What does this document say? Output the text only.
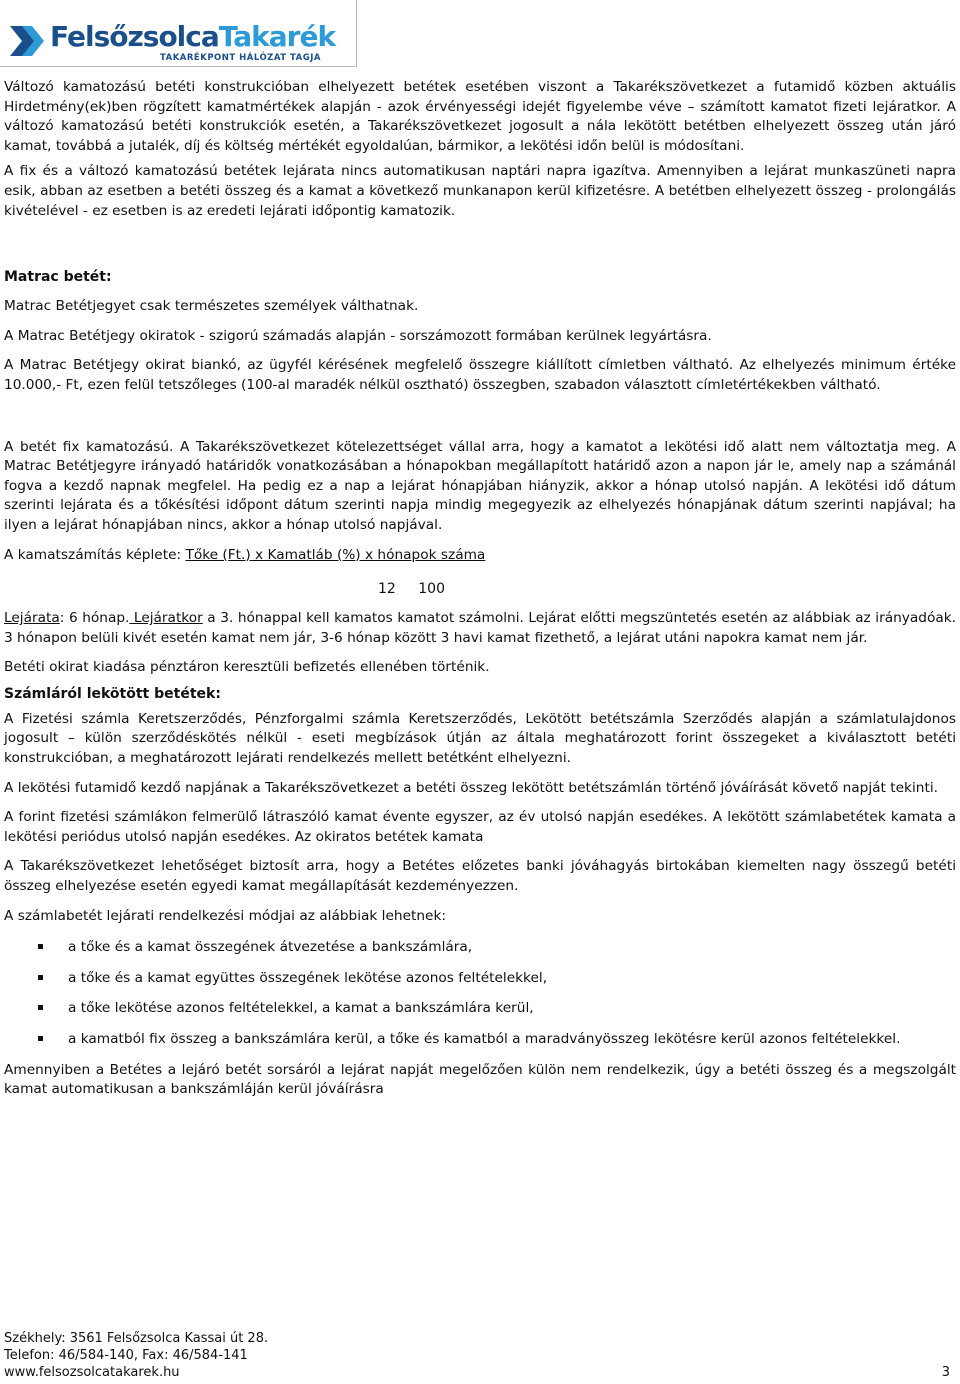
FelsőzsolcaTakarék
TAKARÉKPONT HÁLÓZAT TAGJA

Változó kamatozású betéti konstrukcióban elhelyezett betétek esetében viszont a Takarékszövetkezet a futamidő közben aktuális Hirdetmény(ek)ben rögzített kamatmértékek alapján - azok érvényességi idejét figyelembe véve – számított kamatot fizeti lejáratkor. A változó kamatozású betéti konstrukciók esetén, a Takarékszövetkezet jogosult a nála lekötött betétben elhelyezett összeg után járó kamat, továbbá a jutalék, díj és költség mértékét egyoldalúan, bármikor, a lekötési időn belül is módosítani.

A fix és a változó kamatozású betétek lejárata nincs automatikusan naptári napra igazítva. Amennyiben a lejárat munkaszüneti napra esik, abban az esetben a betéti összeg és a kamat a következő munkanapon kerül kifizetésre. A betétben elhelyezett összeg - prolongálás kivételével - ez esetben is az eredeti lejárati időpontig kamatozik.

Matrac betét:

Matrac Betétjegyet csak természetes személyek válthatnak.

A Matrac Betétjegy okiratok - szigorú számadás alapján - sorszámozott formában kerülnek legyártásra.

A Matrac Betétjegy okirat biankó, az ügyfél kérésének megfelelő összegre kiállított címletben váltható. Az elhelyezés minimum értéke 10.000,- Ft, ezen felül tetszőleges (100-al maradék nélkül osztható) összegben, szabadon választott címletértékekben váltható.

A betét fix kamatozású. A Takarékszövetkezet kötelezettséget vállal arra, hogy a kamatot a lekötési idő alatt nem változtatja meg. A Matrac Betétjegyre irányadó határidők vonatkozásában a hónapokban megállapított határidő azon a napon jár le, amely nap a számánál fogva a kezdő napnak megfelel. Ha pedig ez a nap a lejárat hónapjában hiányzik, akkor a hónap utolsó napján. A lekötési idő dátum szerinti lejárata és a tőkésítési időpont dátum szerinti napja mindig megegyezik az elhelyezés hónapjának dátum szerinti napjával; ha ilyen a lejárat hónapjában nincs, akkor a hónap utolsó napjával.

A kamatszámítás képlete: Tőke (Ft.) x Kamatláb (%) x hónapok száma

12 100

Lejárata: 6 hónap. Lejáratkor a 3. hónappal kell kamatos kamatot számolni. Lejárat előtti megszüntetés esetén az alábbiak az irányadóak. 3 hónapon belüli kivét esetén kamat nem jár, 3-6 hónap között 3 havi kamat fizethető, a lejárat utáni napokra kamat nem jár.

Betéti okirat kiadása pénztáron keresztüli befizetés ellenében történik.

Számláról lekötött betétek:

A Fizetési számla Keretszerződés, Pénzforgalmi számla Keretszerződés, Lekötött betétszámla Szerződés alapján a számlatulajdonos jogosult – külön szerződéskötés nélkül - eseti megbízások útján az általa meghatározott forint összegeket a kiválasztott betéti konstrukcióban, a meghatározott lejárati rendelkezés mellett betétként elhelyezni.

A lekötési futamidő kezdő napjának a Takarékszövetkezet a betéti összeg lekötött betétszámlán történő jóváírását követő napját tekinti.

A forint fizetési számlákon felmerülő látraszóló kamat évente egyszer, az év utolsó napján esedékes. A lekötött számlabetétek kamata a lekötési periódus utolsó napján esedékes. Az okiratos betétek kamata

A Takarékszövetkezet lehetőséget biztosít arra, hogy a Betétes előzetes banki jóváhagyás birtokában kiemelten nagy összegű betéti összeg elhelyezése esetén egyedi kamat megállapítását kezdeményezzen.

A számlabetét lejárati rendelkezési módjai az alábbiak lehetnek:

a tőke és a kamat összegének átvezetése a bankszámlára,
a tőke és a kamat együttes összegének lekötése azonos feltételekkel,
a tőke lekötése azonos feltételekkel, a kamat a bankszámlára kerül,
a kamatból fix összeg a bankszámlára kerül, a tőke és kamatból a maradványösszeg lekötésre kerül azonos feltételekkel.

Amennyiben a Betétes a lejáró betét sorsáról a lejárat napját megelőzően külön nem rendelkezik, úgy a betéti összeg és a megszolgált kamat automatikusan a bankszámláján kerül jóváírásra

Székhely: 3561 Felsőzsolca Kassai út 28.
Telefon: 46/584-140, Fax: 46/584-141
www.felsozsolcatakarek.hu	3
